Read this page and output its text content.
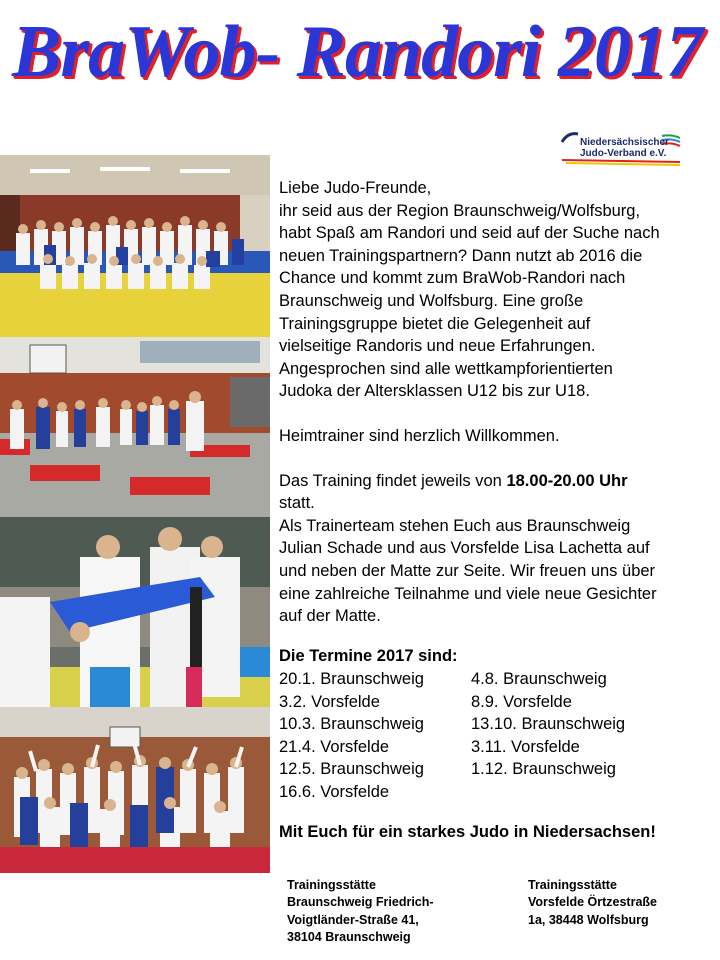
BraWob- Randori 2017
Niedersächsischer
Judo-Verband e.V.

Liebe Judo-Freunde,
ihr seid aus der Region Braunschweig/Wolfsburg,
habt Spaß am Randori und seid auf der Suche nach
neuen Trainingspartnern? Dann nutzt ab 2016 die
Chance und kommt zum BraWob-Randori nach
Braunschweig und Wolfsburg. Eine große
Trainingsgruppe bietet die Gelegenheit auf
vielseitige Randoris und neue Erfahrungen.
Angesprochen sind alle wettkampforientierten
Judoka der Altersklassen U12 bis zur U18.

Heimtrainer sind herzlich Willkommen.

Das Training findet jeweils von 18.00-20.00 Uhr
statt.

Als Trainerteam stehen Euch aus Braunschweig
Julian Schade und aus Vorsfelde Lisa Lachetta auf
und neben der Matte zur Seite. Wir freuen uns über
eine zahlreiche Teilnahme und viele neue Gesichter
auf der Matte.

Die Termine 2017 sind:
20.1. Braunschweig
3.2. Vorsfelde
10.3. Braunschweig
21.4. Vorsfelde
12.5. Braunschweig
16.6. Vorsfelde
4.8. Braunschweig
8.9. Vorsfelde
13.10. Braunschweig
3.11. Vorsfelde
1.12. Braunschweig
Mit Euch für ein starkes Judo in Niedersachsen!
Trainingsstätte
Braunschweig Friedrich-
Voigtländer-Straße 41,
38104 Braunschweig
Trainingsstätte
Vorsfelde Örtzestraße
1a, 38448 Wolfsburg
